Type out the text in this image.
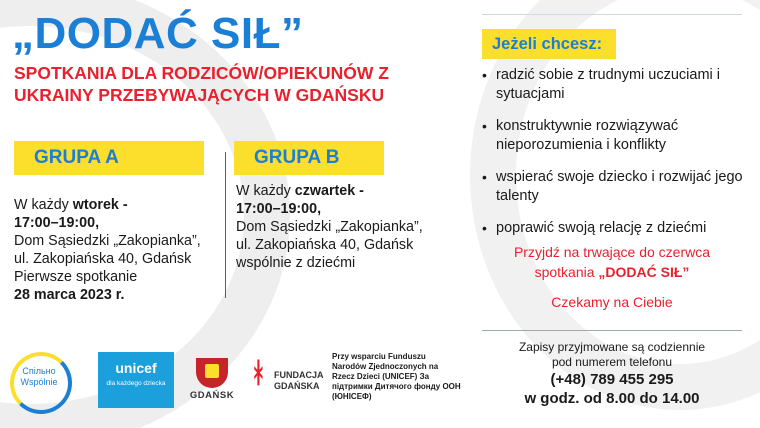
„DODAĆ SIŁ”
SPOTKANIA DLA RODZICÓW/OPIEKUNÓW Z UKRAINY PRZEBYWAJĄCYCH W GDAŃSKU
GRUPA A	GRUPA B
W każdy wtorek -
17:00–19:00,
Dom Sąsiedzki „Zakopianka”,
ul. Zakopiańska 40, Gdańsk
Pierwsze spotkanie
28 marca 2023 r.
W każdy czwartek -
17:00–19:00,
Dom Sąsiedzki „Zakopianka”,
ul. Zakopiańska 40, Gdańsk
wspólnie z dziećmi
Jeżeli chcesz:
• radzić sobie z trudnymi uczuciami i sytuacjami
• konstruktywnie rozwiązywać nieporozumienia i konflikty
• wspierać swoje dziecko i rozwijać jego talenty
• poprawić swoją relację z dziećmi
Przyjdź na trwające do czerwca
spotkania „DODAĆ SIŁ”
Czekamy na Ciebie
Zapisy przyjmowane są codziennie
pod numerem telefonu
(+48) 789 455 295
w godz. od 8.00 do 14.00
Спільно Wspólnie
unicef
dla każdego dziecka
GDAŃSK
ᚼ FUNDACJA
GDAŃSKA
Przy wsparciu Funduszu Narodów Zjednoczonych na Rzecz Dzieci (UNICEF) За підтримки Дитячого фонду ООН (ЮНІСЕФ)
